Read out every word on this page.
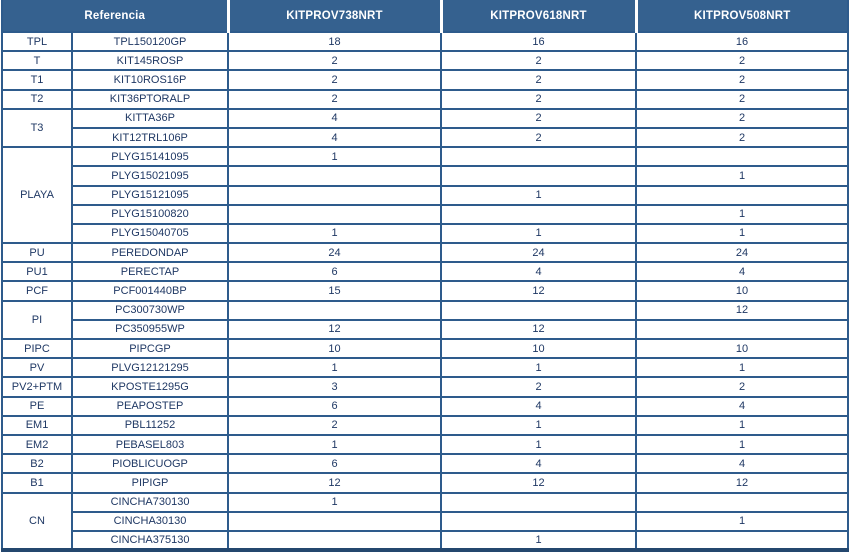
Referencia		KITPROV738NRT	KITPROV618NRT	KITPROV508NRT
TPL	TPL150120GP	18	16	16
T	KIT145ROSP	2	2	2
T1	KIT10ROS16P	2	2	2
T2	KIT36PTORALP	2	2	2
T3	KITTA36P	4	2	2
	KIT12TRL106P	4	2	2
PLAYA	PLYG15141095	1		
	PLYG15021095			1
	PLYG15121095		1	
	PLYG15100820			1
	PLYG15040705	1	1	1
PU	PEREDONDAP	24	24	24
PU1	PERECTAP	6	4	4
PCF	PCF001440BP	15	12	10
PI	PC300730WP			12
	PC350955WP	12	12	
PIPC	PIPCGP	10	10	10
PV	PLVG12121295	1	1	1
PV2+PTM	KPOSTE1295G	3	2	2
PE	PEAPOSTEP	6	4	4
EM1	PBL11252	2	1	1
EM2	PEBASEL803	1	1	1
B2	PIOBLICUOGP	6	4	4
B1	PIPIGP	12	12	12
CN	CINCHA730130	1		
	CINCHA30130			1
	CINCHA375130		1	
